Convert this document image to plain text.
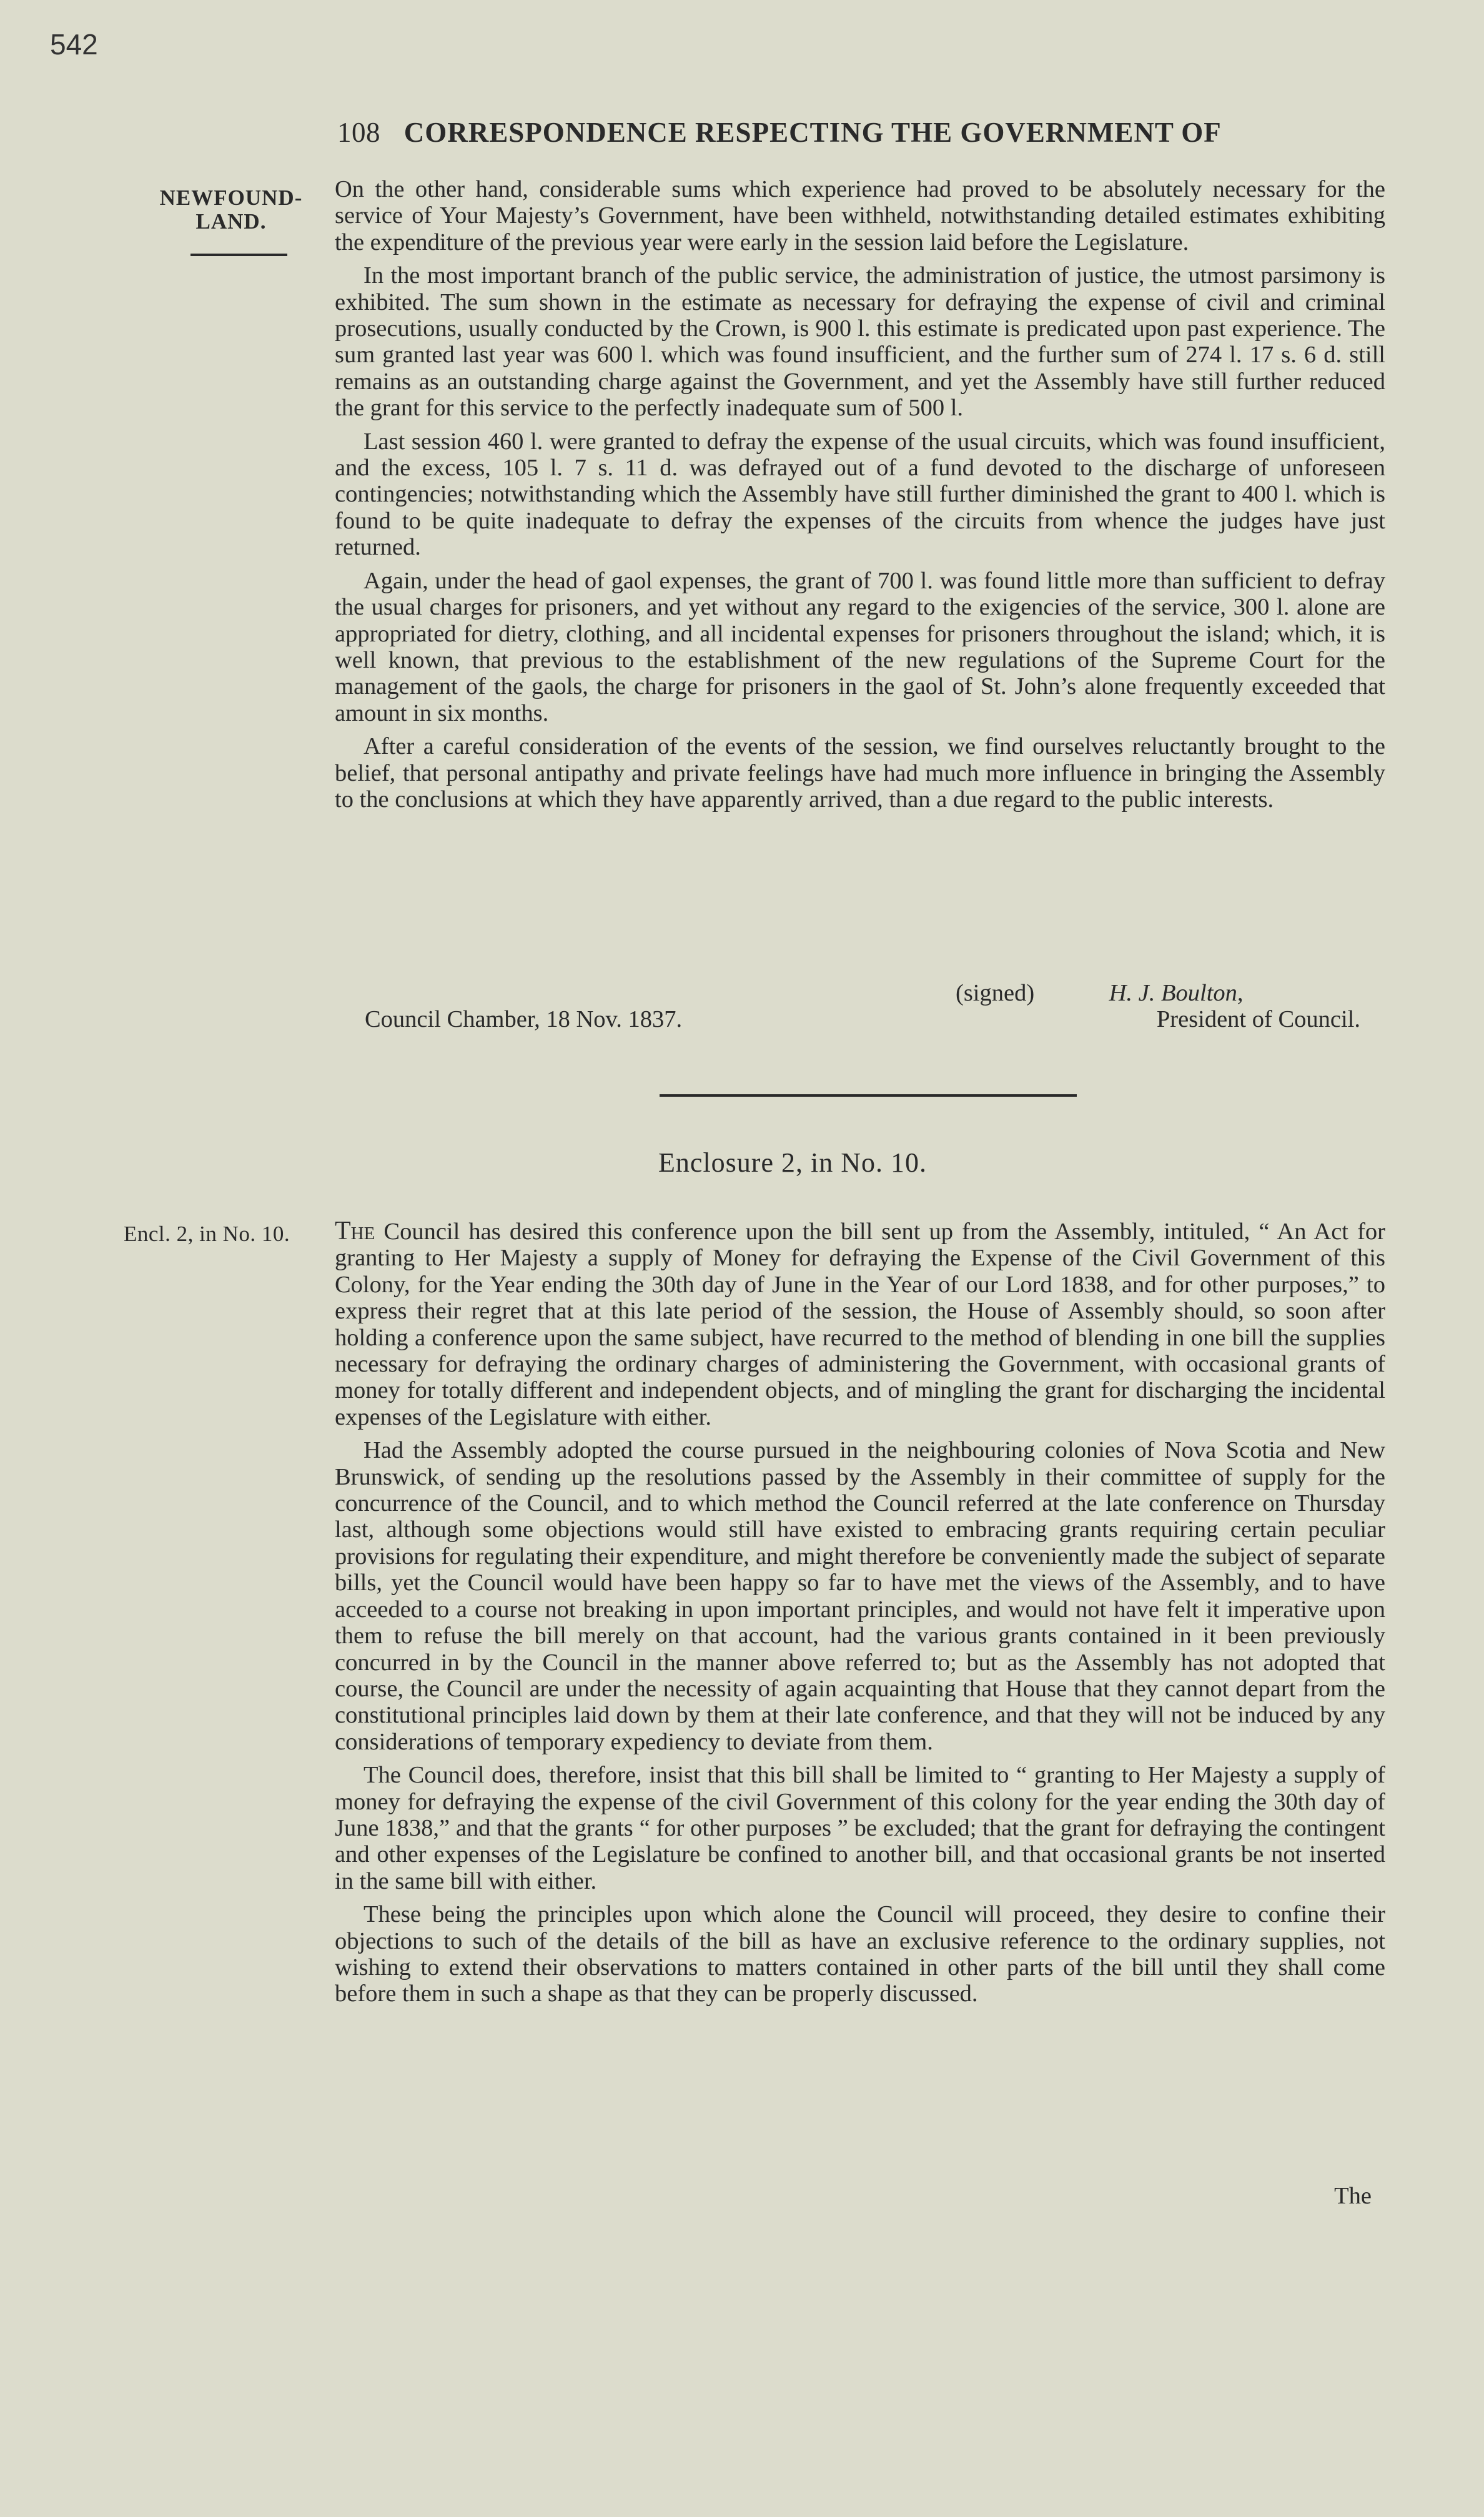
542
108 CORRESPONDENCE RESPECTING THE GOVERNMENT OF
NEWFOUND-
LAND.

On the other hand, considerable sums which experience had proved to be absolutely necessary for the service of Your Majesty’s Government, have been withheld, notwithstanding detailed estimates exhibiting the expenditure of the previous year were early in the session laid before the Legislature.

In the most important branch of the public service, the administration of justice, the utmost parsimony is exhibited. The sum shown in the estimate as necessary for defraying the expense of civil and criminal prosecutions, usually conducted by the Crown, is 900 l. this estimate is predicated upon past experience. The sum granted last year was 600 l. which was found insufficient, and the further sum of 274 l. 17 s. 6 d. still remains as an outstanding charge against the Government, and yet the Assembly have still further reduced the grant for this service to the perfectly inadequate sum of 500 l.

Last session 460 l. were granted to defray the expense of the usual circuits, which was found insufficient, and the excess, 105 l. 7 s. 11 d. was defrayed out of a fund devoted to the discharge of unforeseen contingencies; notwithstanding which the Assembly have still further diminished the grant to 400 l. which is found to be quite inadequate to defray the expenses of the circuits from whence the judges have just returned.

Again, under the head of gaol expenses, the grant of 700 l. was found little more than sufficient to defray the usual charges for prisoners, and yet without any regard to the exigencies of the service, 300 l. alone are appropriated for dietry, clothing, and all incidental expenses for prisoners throughout the island; which, it is well known, that previous to the establishment of the new regulations of the Supreme Court for the management of the gaols, the charge for prisoners in the gaol of St. John’s alone frequently exceeded that amount in six months.

After a careful consideration of the events of the session, we find ourselves reluctantly brought to the belief, that personal antipathy and private feelings have had much more influence in bringing the Assembly to the conclusions at which they have apparently arrived, than a due regard to the public interests.

(signed)	H. J. Boulton,
Council Chamber, 18 Nov. 1837.	President of Council.
Enclosure 2, in No. 10.
Encl. 2, in No. 10. The Council has desired this conference upon the bill sent up from the Assembly, intituled, “ An Act for granting to Her Majesty a supply of Money for defraying the Expense of the Civil Government of this Colony, for the Year ending the 30th day of June in the Year of our Lord 1838, and for other purposes,” to express their regret that at this late period of the session, the House of Assembly should, so soon after holding a conference upon the same subject, have recurred to the method of blending in one bill the supplies necessary for defraying the ordinary charges of administering the Government, with occasional grants of money for totally different and independent objects, and of mingling the grant for discharging the incidental expenses of the Legislature with either.

Had the Assembly adopted the course pursued in the neighbouring colonies of Nova Scotia and New Brunswick, of sending up the resolutions passed by the Assembly in their committee of supply for the concurrence of the Council, and to which method the Council referred at the late conference on Thursday last, although some objections would still have existed to embracing grants requiring certain peculiar provisions for regulating their expenditure, and might therefore be conveniently made the subject of separate bills, yet the Council would have been happy so far to have met the views of the Assembly, and to have acceeded to a course not breaking in upon important principles, and would not have felt it imperative upon them to refuse the bill merely on that account, had the various grants contained in it been previously concurred in by the Council in the manner above referred to; but as the Assembly has not adopted that course, the Council are under the necessity of again acquainting that House that they cannot depart from the constitutional principles laid down by them at their late conference, and that they will not be induced by any considerations of temporary expediency to deviate from them.

The Council does, therefore, insist that this bill shall be limited to “ granting to Her Majesty a supply of money for defraying the expense of the civil Government of this colony for the year ending the 30th day of June 1838,” and that the grants “ for other purposes ” be excluded; that the grant for defraying the contingent and other expenses of the Legislature be confined to another bill, and that occasional grants be not inserted in the same bill with either.

These being the principles upon which alone the Council will proceed, they desire to confine their objections to such of the details of the bill as have an exclusive reference to the ordinary supplies, not wishing to extend their observations to matters contained in other parts of the bill until they shall come before them in such a shape as that they can be properly discussed.

The
